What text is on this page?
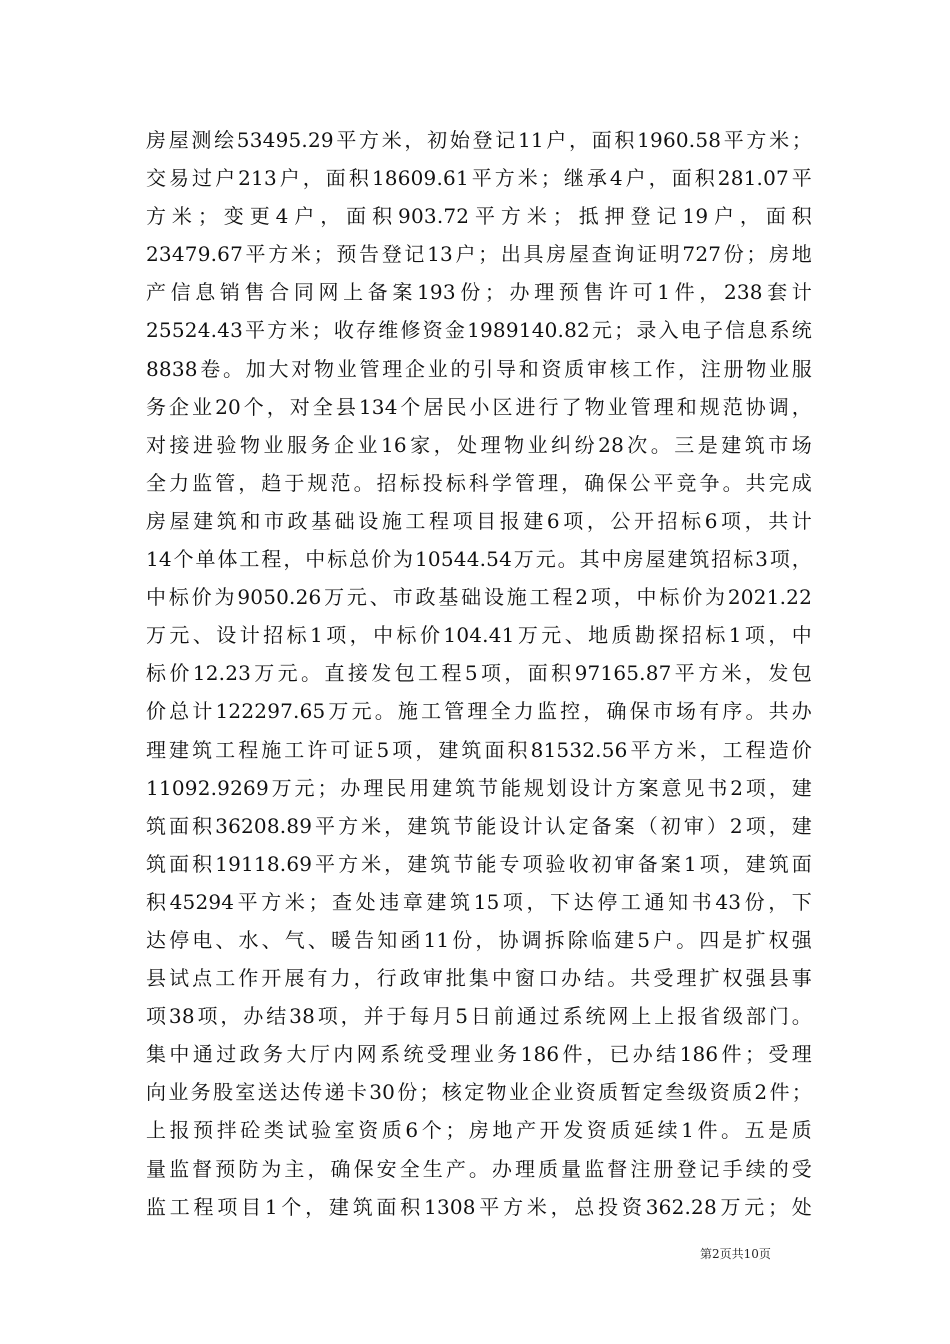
房屋测绘53495.29平方米，初始登记11户，面积1960.58平方米；
交易过户213户，面积18609.61平方米；继承4户，面积281.07平
方米；变更4户，面积903.72平方米；抵押登记19户，面积
23479.67平方米；预告登记13户；出具房屋查询证明727份；房地
产信息销售合同网上备案193份；办理预售许可1件，238套计
25524.43平方米；收存维修资金1989140.82元；录入电子信息系统
8838卷。加大对物业管理企业的引导和资质审核工作，注册物业服
务企业20个，对全县134个居民小区进行了物业管理和规范协调，
对接进验物业服务企业16家，处理物业纠纷28次。三是建筑市场
全力监管，趋于规范。招标投标科学管理，确保公平竞争。共完成
房屋建筑和市政基础设施工程项目报建6项，公开招标6项，共计
14个单体工程，中标总价为10544.54万元。其中房屋建筑招标3项，
中标价为9050.26万元、市政基础设施工程2项，中标价为2021.22
万元、设计招标1项，中标价104.41万元、地质勘探招标1项，中
标价12.23万元。直接发包工程5项，面积97165.87平方米，发包
价总计122297.65万元。施工管理全力监控，确保市场有序。共办
理建筑工程施工许可证5项，建筑面积81532.56平方米，工程造价
11092.9269万元；办理民用建筑节能规划设计方案意见书2项，建
筑面积36208.89平方米，建筑节能设计认定备案（初审）2项，建
筑面积19118.69平方米，建筑节能专项验收初审备案1项，建筑面
积45294平方米；查处违章建筑15项，下达停工通知书43份，下
达停电、水、气、暖告知函11份，协调拆除临建5户。四是扩权强
县试点工作开展有力，行政审批集中窗口办结。共受理扩权强县事
项38项，办结38项，并于每月5日前通过系统网上上报省级部门。
集中通过政务大厅内网系统受理业务186件，已办结186件；受理
向业务股室送达传递卡30份；核定物业企业资质暂定叁级资质2件；
上报预拌砼类试验室资质6个；房地产开发资质延续1件。五是质
量监督预防为主，确保安全生产。办理质量监督注册登记手续的受
监工程项目1个，建筑面积1308平方米，总投资362.28万元；处
第2页共10页
